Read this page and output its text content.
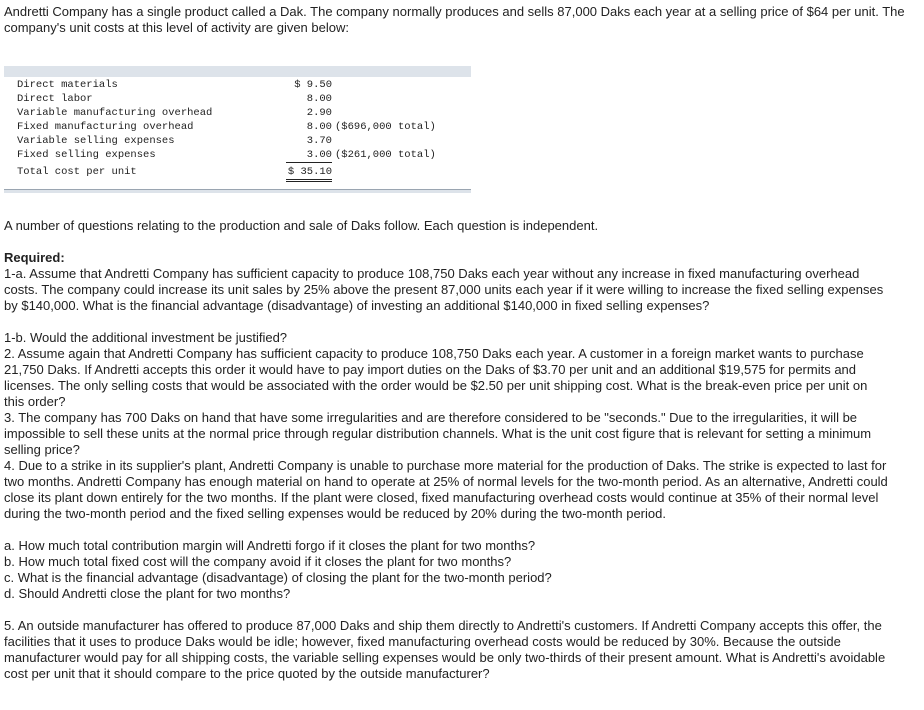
Andretti Company has a single product called a Dak. The company normally produces and sells 87,000 Daks each year at a selling price of $64 per unit. The company's unit costs at this level of activity are given below:

Direct materials	$ 9.50
Direct labor	8.00
Variable manufacturing overhead	2.90
Fixed manufacturing overhead	8.00 ($696,000 total)
Variable selling expenses	3.70
Fixed selling expenses	3.00 ($261,000 total)
Total cost per unit	$ 35.10

A number of questions relating to the production and sale of Daks follow. Each question is independent.

Required:

1-a. Assume that Andretti Company has sufficient capacity to produce 108,750 Daks each year without any increase in fixed manufacturing overhead costs. The company could increase its unit sales by 25% above the present 87,000 units each year if it were willing to increase the fixed selling expenses by $140,000. What is the financial advantage (disadvantage) of investing an additional $140,000 in fixed selling expenses?

1-b. Would the additional investment be justified?

2. Assume again that Andretti Company has sufficient capacity to produce 108,750 Daks each year. A customer in a foreign market wants to purchase 21,750 Daks. If Andretti accepts this order it would have to pay import duties on the Daks of $3.70 per unit and an additional $19,575 for permits and licenses. The only selling costs that would be associated with the order would be $2.50 per unit shipping cost. What is the break-even price per unit on this order?

3. The company has 700 Daks on hand that have some irregularities and are therefore considered to be "seconds." Due to the irregularities, it will be impossible to sell these units at the normal price through regular distribution channels. What is the unit cost figure that is relevant for setting a minimum selling price?

4. Due to a strike in its supplier's plant, Andretti Company is unable to purchase more material for the production of Daks. The strike is expected to last for two months. Andretti Company has enough material on hand to operate at 25% of normal levels for the two-month period. As an alternative, Andretti could close its plant down entirely for the two months. If the plant were closed, fixed manufacturing overhead costs would continue at 35% of their normal level during the two-month period and the fixed selling expenses would be reduced by 20% during the two-month period.

a. How much total contribution margin will Andretti forgo if it closes the plant for two months?

b. How much total fixed cost will the company avoid if it closes the plant for two months?

c. What is the financial advantage (disadvantage) of closing the plant for the two-month period?

d. Should Andretti close the plant for two months?

5. An outside manufacturer has offered to produce 87,000 Daks and ship them directly to Andretti's customers. If Andretti Company accepts this offer, the facilities that it uses to produce Daks would be idle; however, fixed manufacturing overhead costs would be reduced by 30%. Because the outside manufacturer would pay for all shipping costs, the variable selling expenses would be only two-thirds of their present amount. What is Andretti's avoidable cost per unit that it should compare to the price quoted by the outside manufacturer?
